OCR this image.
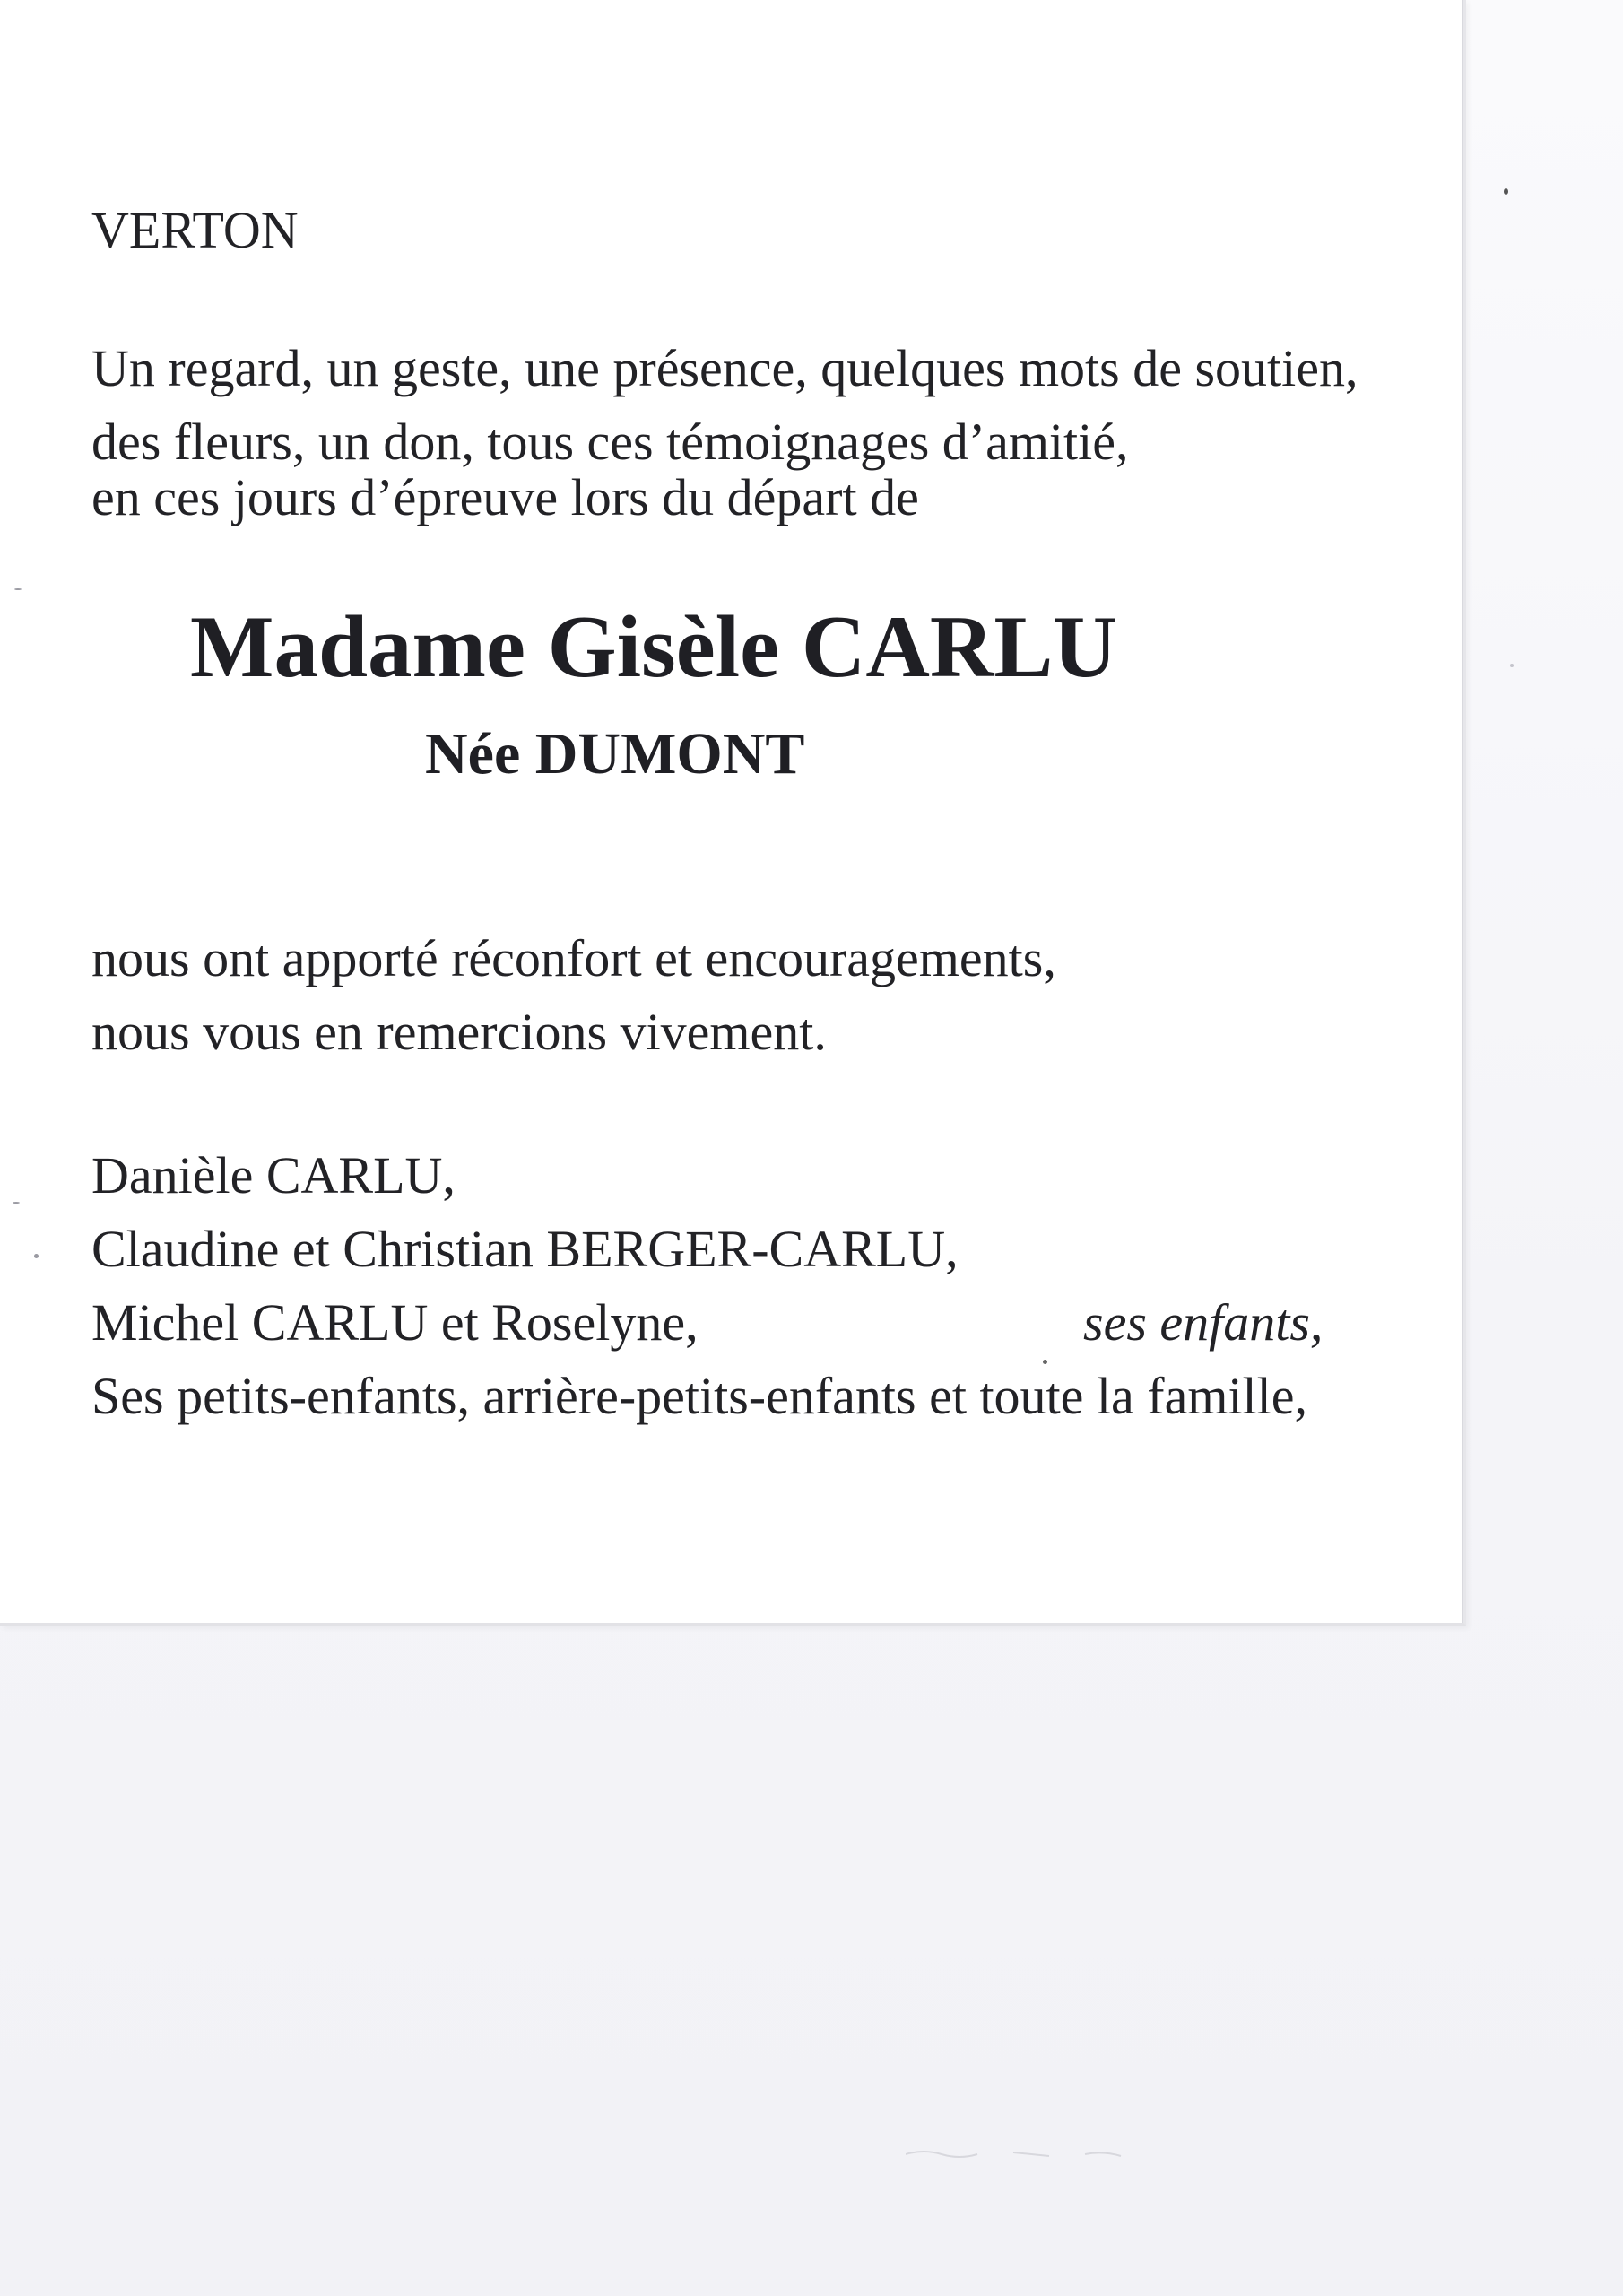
VERTON
Un regard, un geste, une présence, quelques mots de soutien,
des fleurs, un don, tous ces témoignages d’amitié,
en ces jours d’épreuve lors du départ de
Madame Gisèle CARLU
Née DUMONT
nous ont apporté réconfort et encouragements,
nous vous en remercions vivement.
Danièle CARLU,
Claudine et Christian BERGER-CARLU,
Michel CARLU et Roselyne,	ses enfants,
Ses petits-enfants, arrière-petits-enfants et toute la famille,
